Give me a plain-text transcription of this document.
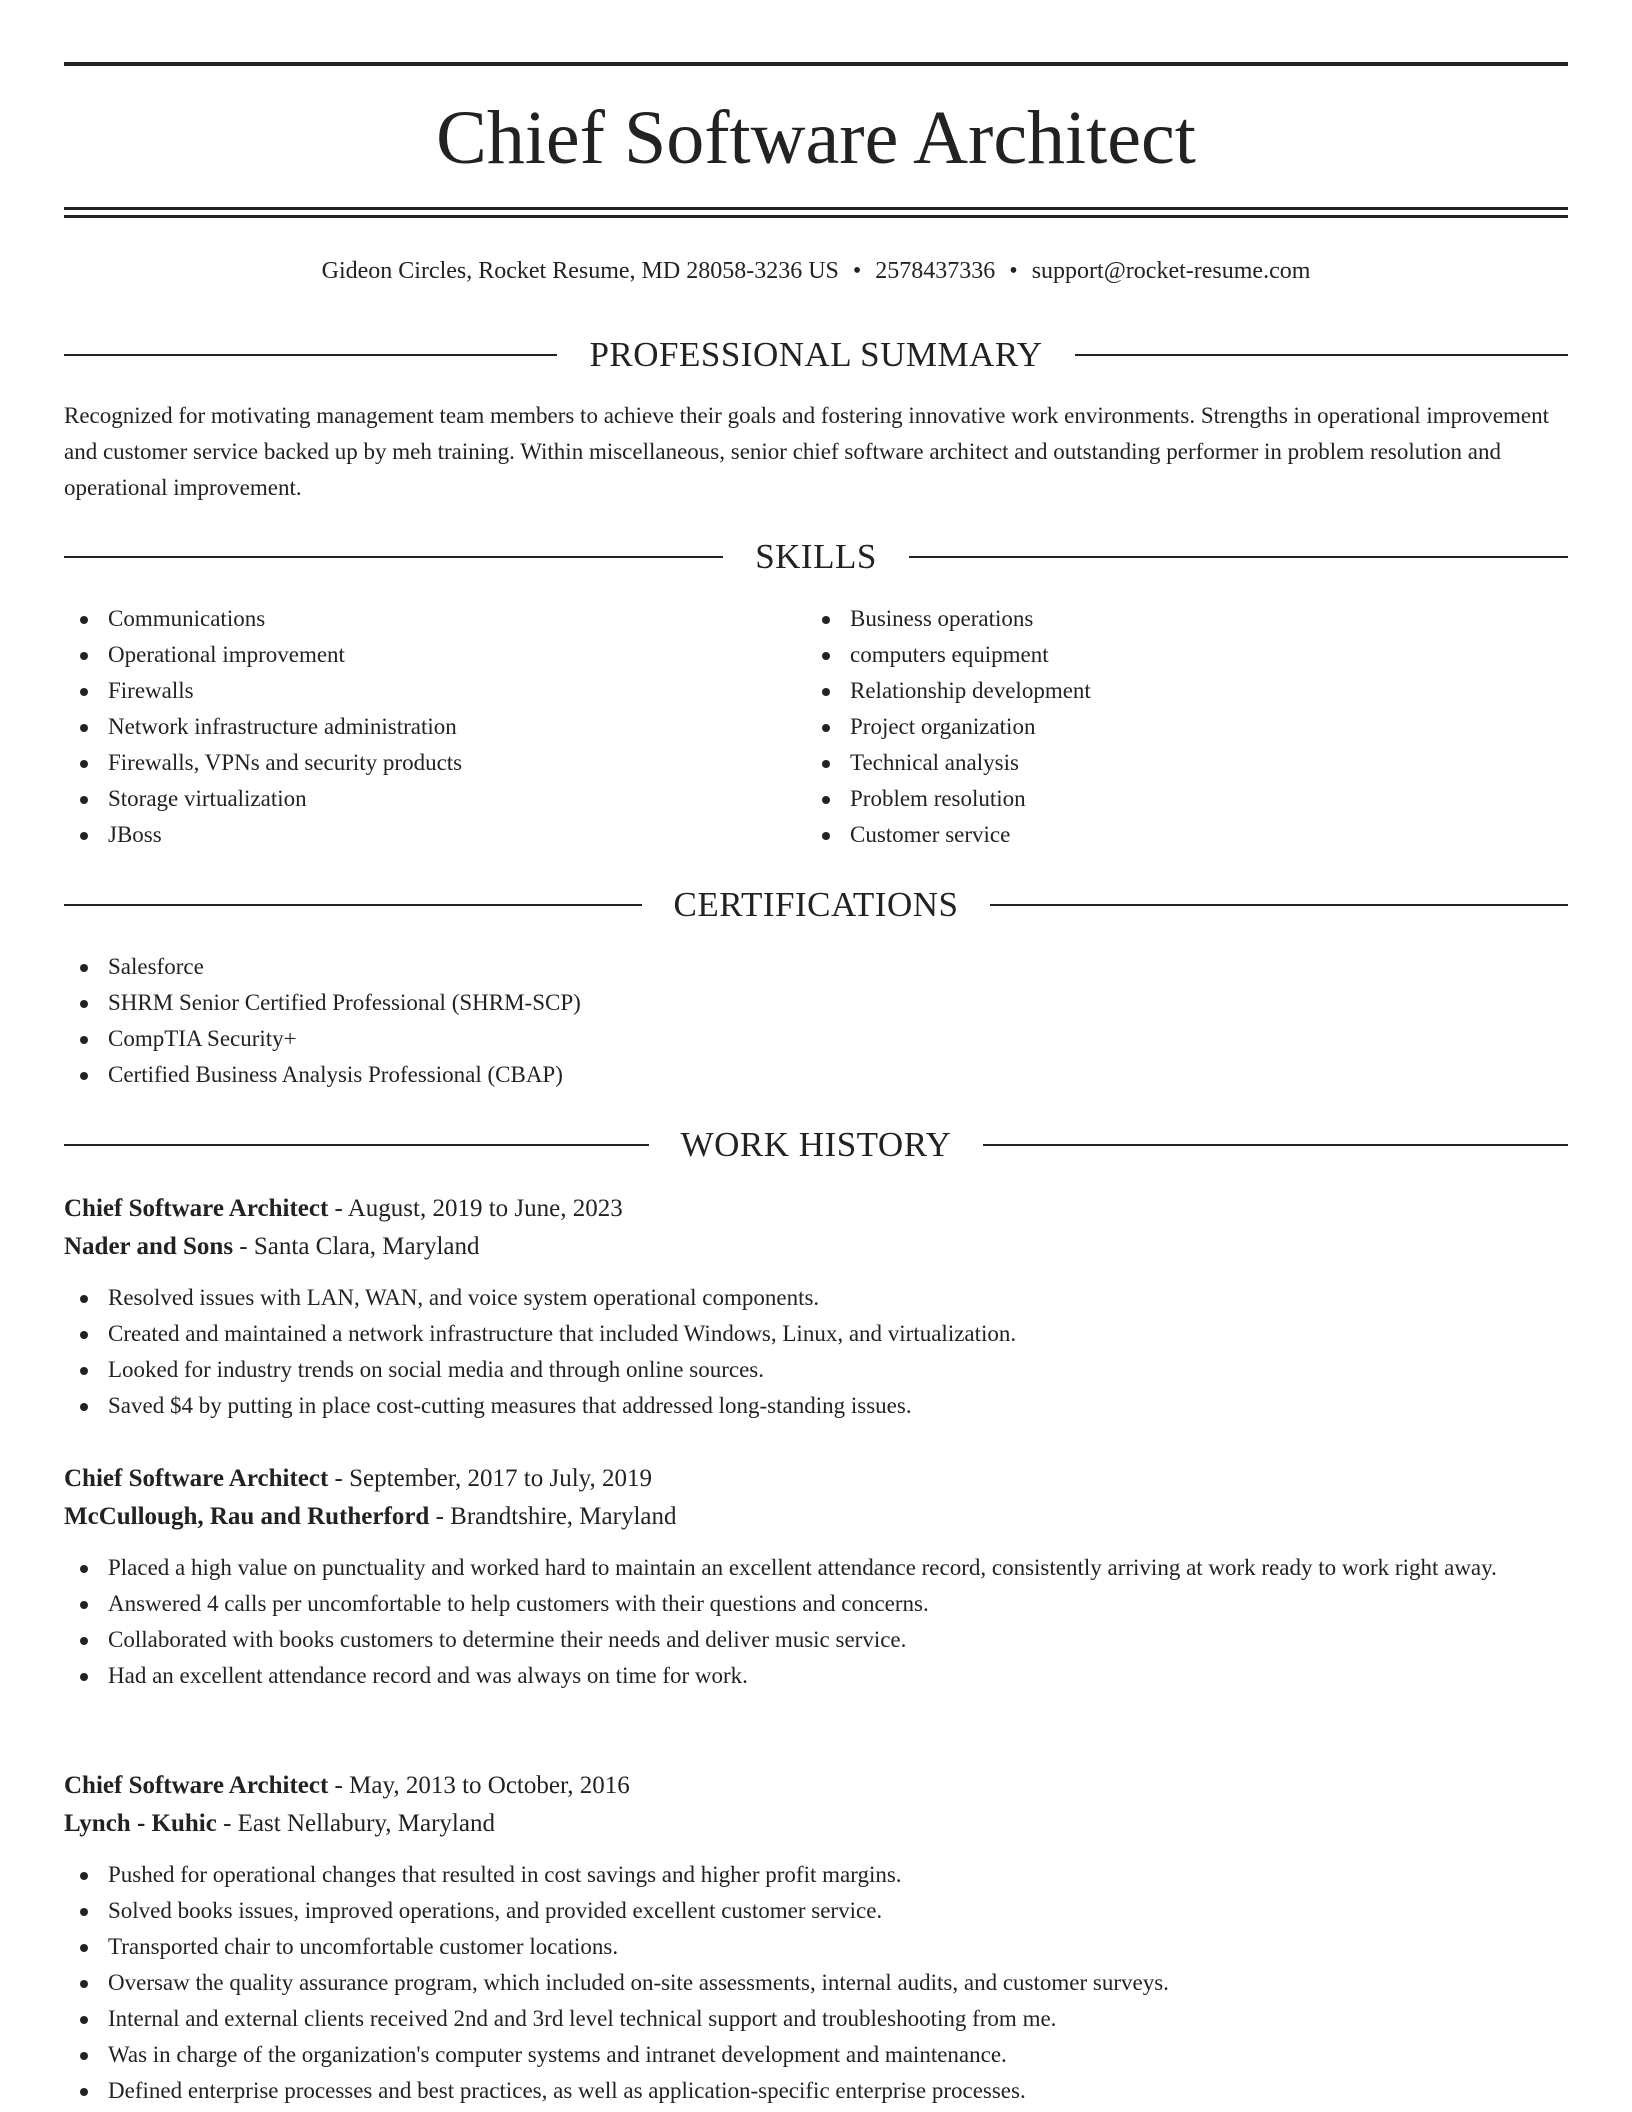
Chief Software Architect
Gideon Circles, Rocket Resume, MD 28058-3236 US • 2578437336 • support@rocket-resume.com
PROFESSIONAL SUMMARY

Recognized for motivating management team members to achieve their goals and fostering innovative work environments. Strengths in operational improvement and customer service backed up by meh training. Within miscellaneous, senior chief software architect and outstanding performer in problem resolution and operational improvement.

SKILLS
Communications
Operational improvement
Firewalls
Network infrastructure administration
Firewalls, VPNs and security products
Storage virtualization
JBoss
Business operations
computers equipment
Relationship development
Project organization
Technical analysis
Problem resolution
Customer service
CERTIFICATIONS
Salesforce
SHRM Senior Certified Professional (SHRM-SCP)
CompTIA Security+
Certified Business Analysis Professional (CBAP)
WORK HISTORY
Chief Software Architect - August, 2019 to June, 2023
Nader and Sons - Santa Clara, Maryland
Resolved issues with LAN, WAN, and voice system operational components.
Created and maintained a network infrastructure that included Windows, Linux, and virtualization.
Looked for industry trends on social media and through online sources.
Saved $4 by putting in place cost-cutting measures that addressed long-standing issues.
Chief Software Architect - September, 2017 to July, 2019
McCullough, Rau and Rutherford - Brandtshire, Maryland
Placed a high value on punctuality and worked hard to maintain an excellent attendance record, consistently arriving at work ready to work right away.
Answered 4 calls per uncomfortable to help customers with their questions and concerns.
Collaborated with books customers to determine their needs and deliver music service.
Had an excellent attendance record and was always on time for work.
Chief Software Architect - May, 2013 to October, 2016
Lynch - Kuhic - East Nellabury, Maryland
Pushed for operational changes that resulted in cost savings and higher profit margins.
Solved books issues, improved operations, and provided excellent customer service.
Transported chair to uncomfortable customer locations.
Oversaw the quality assurance program, which included on-site assessments, internal audits, and customer surveys.
Internal and external clients received 2nd and 3rd level technical support and troubleshooting from me.
Was in charge of the organization's computer systems and intranet development and maintenance.
Defined enterprise processes and best practices, as well as application-specific enterprise processes.
